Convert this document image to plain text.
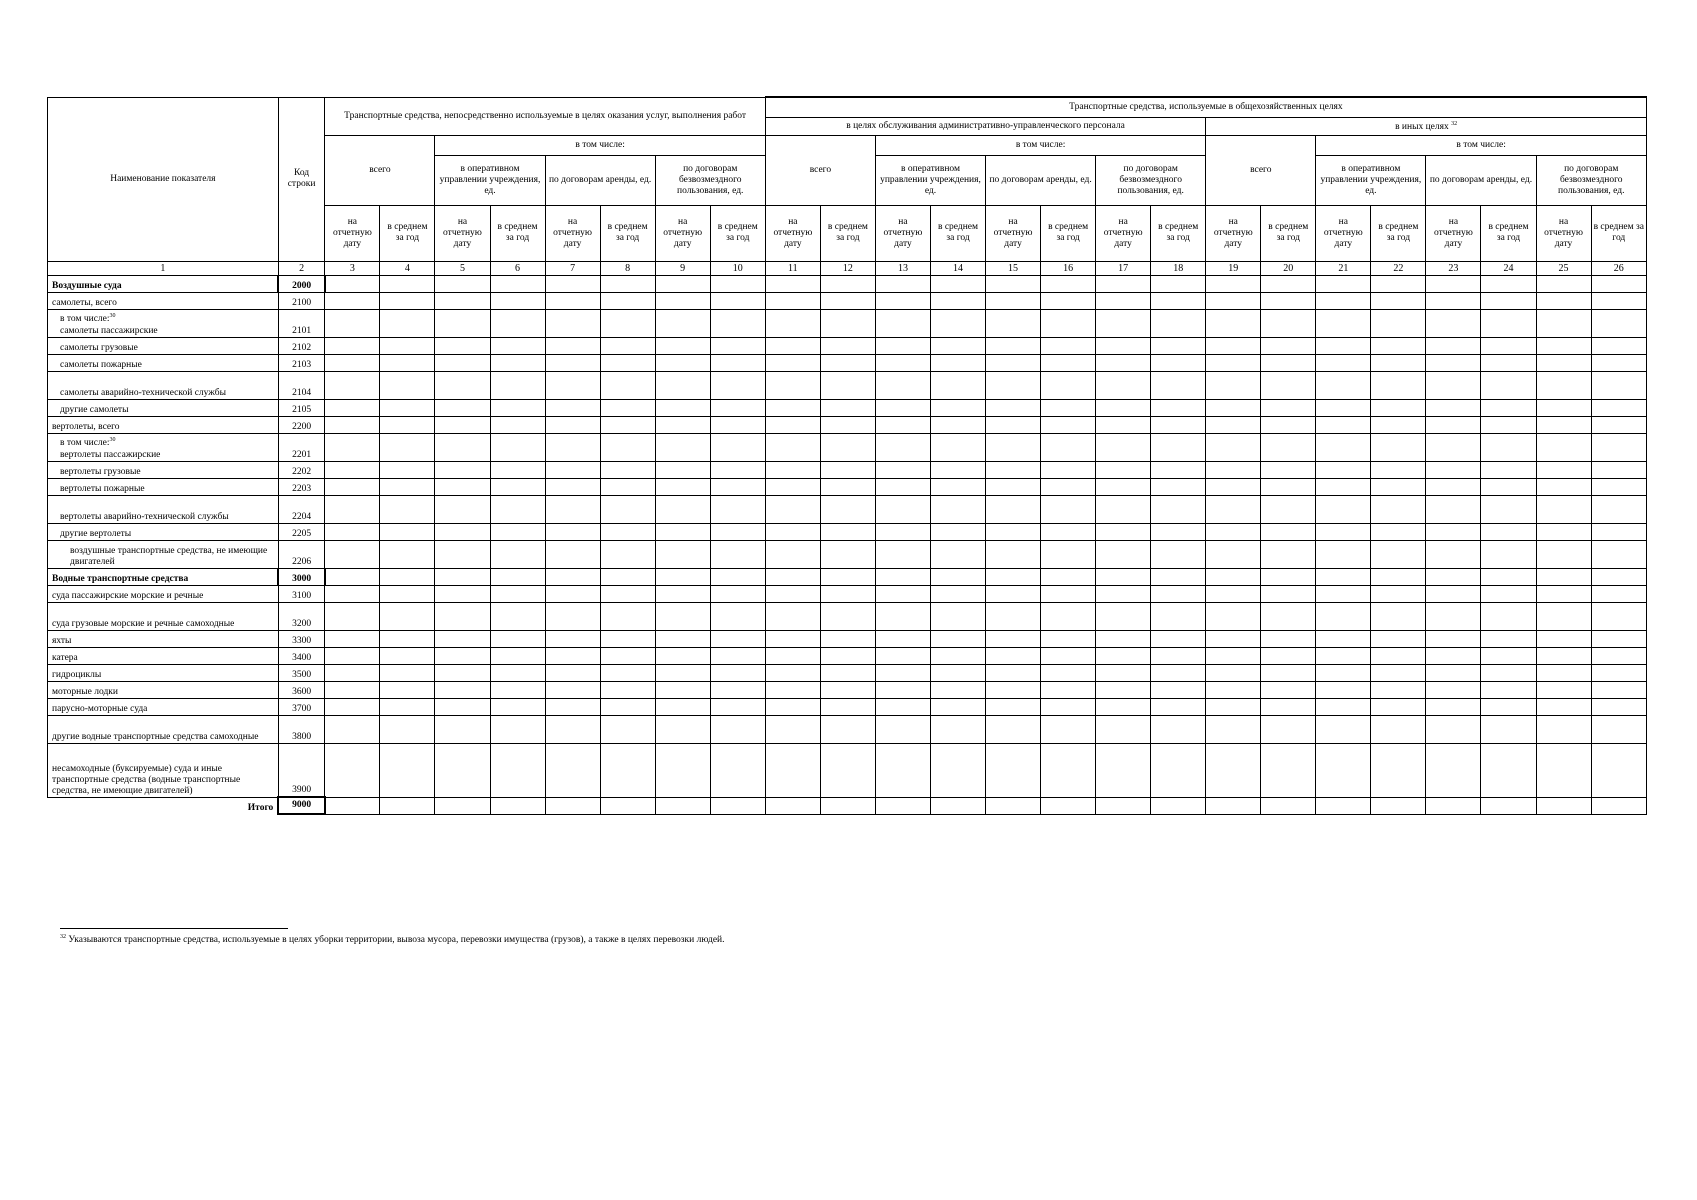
Наименование показателя	Код строки	Транспортные средства, непосредственно используемые в целях оказания услуг, выполнения работ								Транспортные средства, используемые в общехозяйственных целях															
										в целях обслуживания административно-управленческого персонала								в иных целях $^{32}$
		всего		в том числе:						всего		в том числе:						всего		в том числе:					
				в оперативном управлении учреждения, ед.		по договорам аренды, ед.		по договорам безвозмездного пользования, ед.				в оперативном управлении учреждения, ед.		по договорам аренды, ед.		по договорам безвозмездного пользования, ед.				в оперативном управлении учреждения, ед.		по договорам аренды, ед.		по договорам безвозмездного пользования, ед.	
		на отчетную дату	в среднем за год	на отчетную дату	в среднем за год	на отчетную дату	в среднем за год	на отчетную дату	в среднем за год	на отчетную дату	в среднем за год	на отчетную дату	в среднем за год	на отчетную дату	в среднем за год	на отчетную дату	в среднем за год	на отчетную дату	в среднем за год	на отчетную дату	в среднем за год	на отчетную дату	в среднем за год	на отчетную дату	в среднем за год
1	2	3	4	5	6	7	8	9	10	11	12	13	14	15	16	17	18	19	20	21	22	23	24	25	26

Воздушные суда	2000																								

самолеты, всего	2100																								

в том числе:$^{30}$
самолеты пассажирские	2101																								

самолеты грузовые	2102																								

самолеты пожарные	2103																								

самолеты аварийно-технической службы	2104																								

другие самолеты	2105																								

вертолеты, всего	2200																								

в том числе:$^{30}$
вертолеты пассажирские	2201																								

вертолеты грузовые	2202																								

вертолеты пожарные	2203																								

вертолеты аварийно-технической службы	2204																								

другие вертолеты	2205																								

воздушные транспортные средства, не имеющие двигателей	2206																								

Водные транспортные средства	3000																								

суда пассажирские морские и речные	3100																								

суда грузовые морские и речные самоходные	3200																								

яхты	3300																								

катера	3400																								

гидроциклы	3500																								

моторные лодки	3600																								

парусно-моторные суда	3700																								

другие водные транспортные средства самоходные	3800																								

несамоходные (буксируемые) суда и иные транспортные средства (водные транспортные средства, не имеющие двигателей)	3900																								
Итого	9000																								
$^{32}$ Указываются транспортные средства, используемые в целях уборки территории, вывоза мусора, перевозки имущества (грузов), а также в целях перевозки людей.
